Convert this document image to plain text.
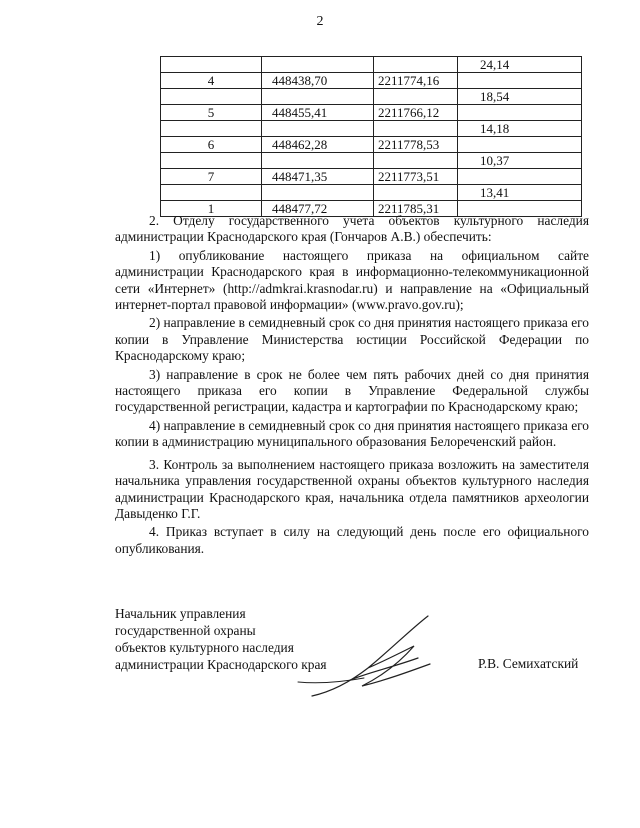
2
			24,14
4	448438,70	2211774,16	
			18,54
5	448455,41	2211766,12	
			14,18
6	448462,28	2211778,53	
			10,37
7	448471,35	2211773,51	
			13,41
1	448477,72	2211785,31	

2. Отделу государственного учета объектов культурного наследия администрации Краснодарского края (Гончаров А.В.) обеспечить:

1) опубликование настоящего приказа на официальном сайте администрации Краснодарского края в информационно-телекоммуникационной сети «Интернет» (http://admkrai.krasnodar.ru) и направление на «Официальный интернет-портал правовой информации» (www.pravo.gov.ru);

2) направление в семидневный срок со дня принятия настоящего приказа его копии в Управление Министерства юстиции Российской Федерации по Краснодарскому краю;

3) направление в срок не более чем пять рабочих дней со дня принятия настоящего приказа его копии в Управление Федеральной службы государственной регистрации, кадастра и картографии по Краснодарскому краю;

4) направление в семидневный срок со дня принятия настоящего приказа его копии в администрацию муниципального образования Белореченский район.

3. Контроль за выполнением настоящего приказа возложить на заместителя начальника управления государственной охраны объектов культурного наследия администрации Краснодарского края, начальника отдела памятников археологии Давыденко Г.Г.

4. Приказ вступает в силу на следующий день после его официального опубликования.

Начальник управления
государственной охраны
объектов культурного наследия
администрации Краснодарского края	Р.В. Семихатский
